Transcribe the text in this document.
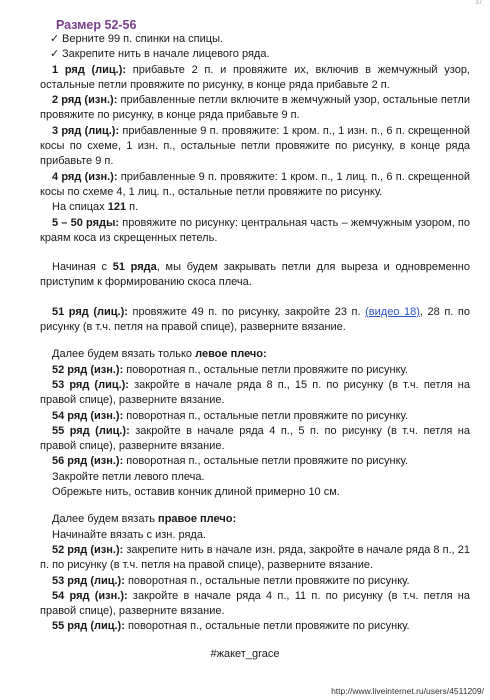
37
Размер 52-56

✓ Верните 99 п. спинки на спицы.

✓ Закрепите нить в начале лицевого ряда.

1 ряд (лиц.): прибавьте 2 п. и провяжите их, включив в жемчужный узор, остальные петли провяжите по рисунку, в конце ряда прибавьте 2 п.

2 ряд (изн.): прибавленные петли включите в жемчужный узор, остальные петли провяжите по рисунку, в конце ряда прибавьте 9 п.

3 ряд (лиц.): прибавленные 9 п. провяжите: 1 кром. п., 1 изн. п., 6 п. скрещенной косы по схеме, 1 изн. п., остальные петли провяжите по рисунку, в конце ряда прибавьте 9 п.

4 ряд (изн.): прибавленные 9 п. провяжите: 1 кром. п., 1 лиц. п., 6 п. скрещенной косы по схеме 4, 1 лиц. п., остальные петли провяжите по рисунку.

На спицах 121 п.

5 – 50 ряды: провяжите по рисунку: центральная часть – жемчужным узором, по краям коса из скрещенных петель.

Начиная с 51 ряда, мы будем закрывать петли для выреза и одновременно приступим к формированию скоса плеча.

51 ряд (лиц.): провяжите 49 п. по рисунку, закройте 23 п. (видео 18), 28 п. по рисунку (в т.ч. петля на правой спице), разверните вязание.

Далее будем вязать только левое плечо:

52 ряд (изн.): поворотная п., остальные петли провяжите по рисунку.

53 ряд (лиц.): закройте в начале ряда 8 п., 15 п. по рисунку (в т.ч. петля на правой спице), разверните вязание.

54 ряд (изн.): поворотная п., остальные петли провяжите по рисунку.

55 ряд (лиц.): закройте в начале ряда 4 п., 5 п. по рисунку (в т.ч. петля на правой спице), разверните вязание.

56 ряд (изн.): поворотная п., остальные петли провяжите по рисунку.

Закройте петли левого плеча.

Обрежьте нить, оставив кончик длиной примерно 10 см.

Далее будем вязать правое плечо:

Начинайте вязать с изн. ряда.

52 ряд (изн.): закрепите нить в начале изн. ряда, закройте в начале ряда 8 п., 21 п. по рисунку (в т.ч. петля на правой спице), разверните вязание.

53 ряд (лиц.): поворотная п., остальные петли провяжите по рисунку.

54 ряд (изн.): закройте в начале ряда 4 п., 11 п. по рисунку (в т.ч. петля на правой спице), разверните вязание.

55 ряд (лиц.): поворотная п., остальные петли провяжите по рисунку.

#жакет_grace
http://www.liveinternet.ru/users/4511209/
